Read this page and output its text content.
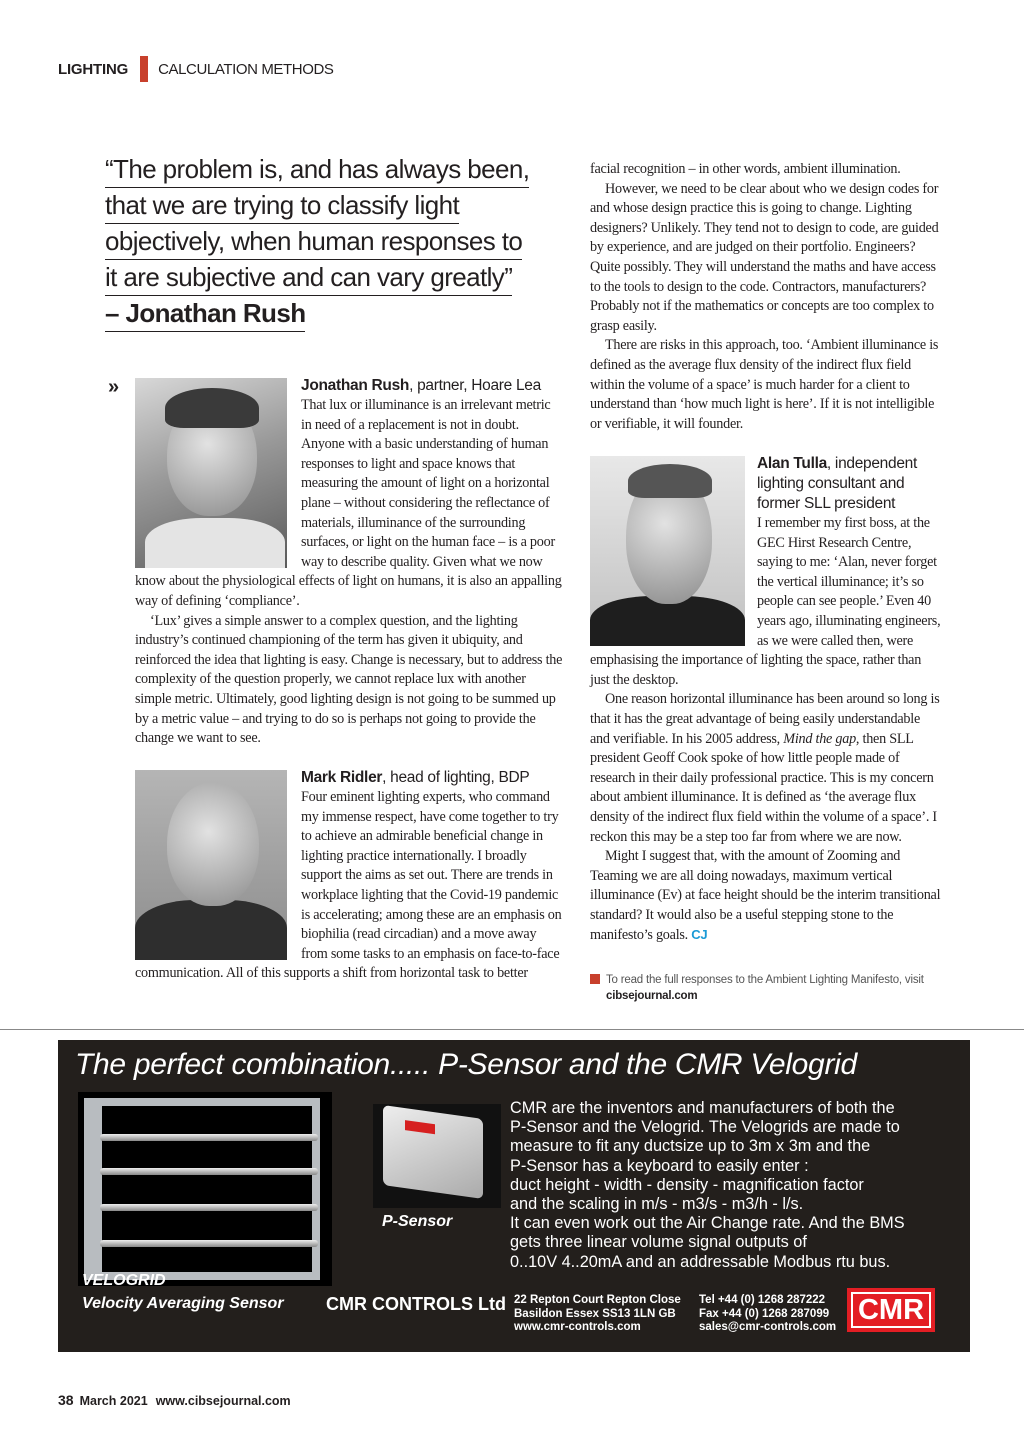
LIGHTING CALCULATION METHODS
“The problem is, and has always been,
that we are trying to classify light
objectively, when human responses to
it are subjective and can vary greatly”
– Jonathan Rush
»	Jonathan Rush, partner, Hoare Lea

That lux or illuminance is an irrelevant metric in need of a replacement is not in doubt. Anyone with a basic understanding of human responses to light and space knows that measuring the amount of light on a horizontal plane – without considering the reflectance of materials, illuminance of the surrounding surfaces, or light on the human face – is a poor way to describe quality. Given what we now know about the physiological effects of light on humans, it is also an appalling way of defining ‘compliance’.

‘Lux’ gives a simple answer to a complex question, and the lighting industry’s continued championing of the term has given it ubiquity, and reinforced the idea that lighting is easy. Change is necessary, but to address the complexity of the question properly, we cannot replace lux with another simple metric. Ultimately, good lighting design is not going to be summed up by a metric value – and trying to do so is perhaps not going to provide the change we want to see.

Mark Ridler, head of lighting, BDP

Four eminent lighting experts, who command my immense respect, have come together to try to achieve an admirable beneficial change in lighting practice internationally. I broadly support the aims as set out. There are trends in workplace lighting that the Covid-19 pandemic is accelerating; among these are an emphasis on biophilia (read circadian) and a move away from some tasks to an emphasis on face-to-face communication. All of this supports a shift from horizontal task to better

facial recognition – in other words, ambient illumination.

However, we need to be clear about who we design codes for and whose design practice this is going to change. Lighting designers? Unlikely. They tend not to design to code, are guided by experience, and are judged on their portfolio. Engineers? Quite possibly. They will understand the maths and have access to the tools to design to the code. Contractors, manufacturers? Probably not if the mathematics or concepts are too complex to grasp easily.

There are risks in this approach, too. ‘Ambient illuminance is defined as the average flux density of the indirect flux field within the volume of a space’ is much harder for a client to understand than ‘how much light is here’. If it is not intelligible or verifiable, it will founder.

Alan Tulla, independent lighting consultant and former SLL president

I remember my first boss, at the GEC Hirst Research Centre, saying to me: ‘Alan, never forget the vertical illuminance; it’s so people can see people.’ Even 40 years ago, illuminating engineers, as we were called then, were emphasising the importance of lighting the space, rather than just the desktop.

One reason horizontal illuminance has been around so long is that it has the great advantage of being easily understandable and verifiable. In his 2005 address, Mind the gap, then SLL president Geoff Cook spoke of how little people made of research in their daily professional practice. This is my concern about ambient illuminance. It is defined as ‘the average flux density of the indirect flux field within the volume of a space’. I reckon this may be a step too far from where we are now.

Might I suggest that, with the amount of Zooming and Teaming we are all doing nowadays, maximum vertical illuminance (Ev) at face height should be the interim transitional standard? It would also be a useful stepping stone to the manifesto’s goals. CJ

To read the full responses to the Ambient Lighting Manifesto, visit
cibsejournal.com
The perfect combination..... P-Sensor and the CMR Velogrid
VELOGRID
Velocity Averaging Sensor
P-Sensor
CMR are the inventors and manufacturers of both the
P-Sensor and the Velogrid. The Velogrids are made to
measure to fit any ductsize up to 3m x 3m and the
P-Sensor has a keyboard to easily enter :
duct height - width - density - magnification factor
and the scaling in m/s - m3/s - m3/h - l/s.
It can even work out the Air Change rate. And the BMS
gets three linear volume signal outputs of
0..10V 4..20mA and an addressable Modbus rtu bus.
CMR CONTROLS Ltd 22 Repton Court Repton Close
Basildon Essex SS13 1LN GB
www.cmr-controls.com
Tel +44 (0) 1268 287222
Fax +44 (0) 1268 287099
sales@cmr-controls.com
CMR
38 March 2021 www.cibsejournal.com
